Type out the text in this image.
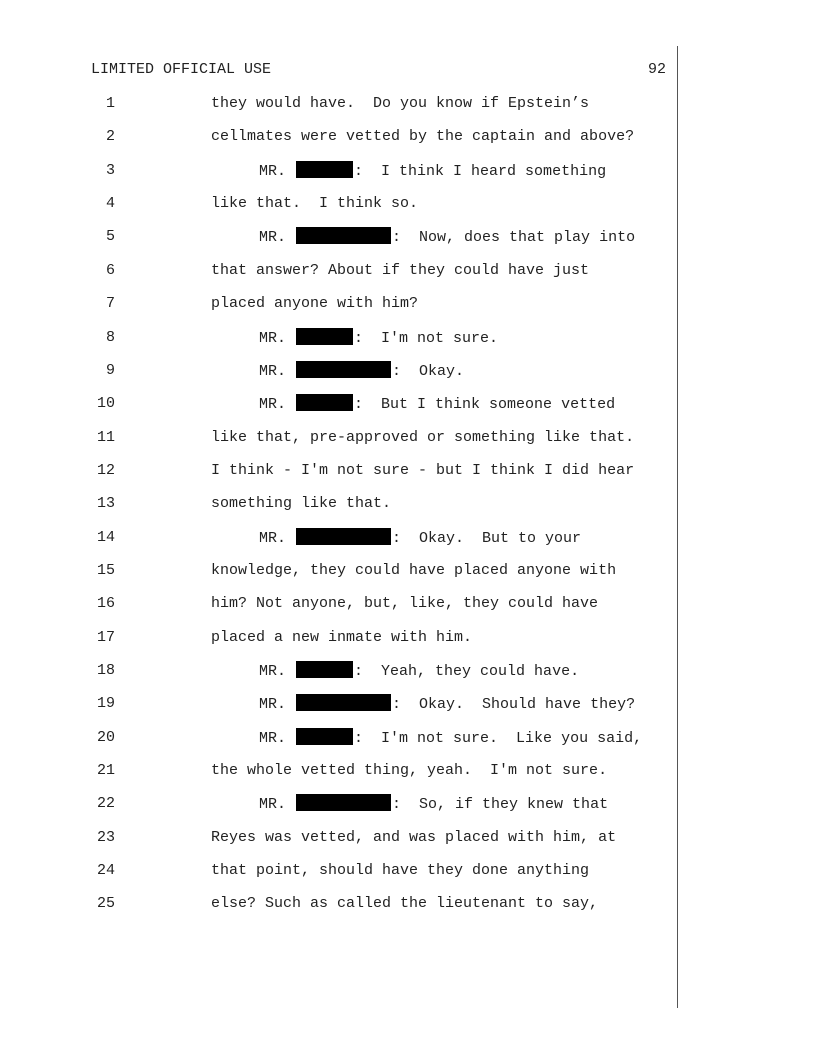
LIMITED OFFICIAL USE	92
1	they would have.  Do you know if Epstein’s
2	cellmates were vetted by the captain and above?
3	MR.	:  I think I heard something
4	like that.  I think so.
5	MR.	:  Now, does that play into
6	that answer? About if they could have just
7	placed anyone with him?
8	MR.	:  I'm not sure.
9	MR.	:  Okay.
10	MR.	:  But I think someone vetted
11	like that, pre-approved or something like that.
12	I think - I'm not sure - but I think I did hear
13	something like that.
14	MR.	:  Okay.  But to your
15	knowledge, they could have placed anyone with
16	him? Not anyone, but, like, they could have
17	placed a new inmate with him.
18	MR.	:  Yeah, they could have.
19	MR.	:  Okay.  Should have they?
20	MR.	:  I'm not sure.  Like you said,
21	the whole vetted thing, yeah.  I'm not sure.
22	MR.	:  So, if they knew that
23	Reyes was vetted, and was placed with him, at
24	that point, should have they done anything
25	else? Such as called the lieutenant to say,
